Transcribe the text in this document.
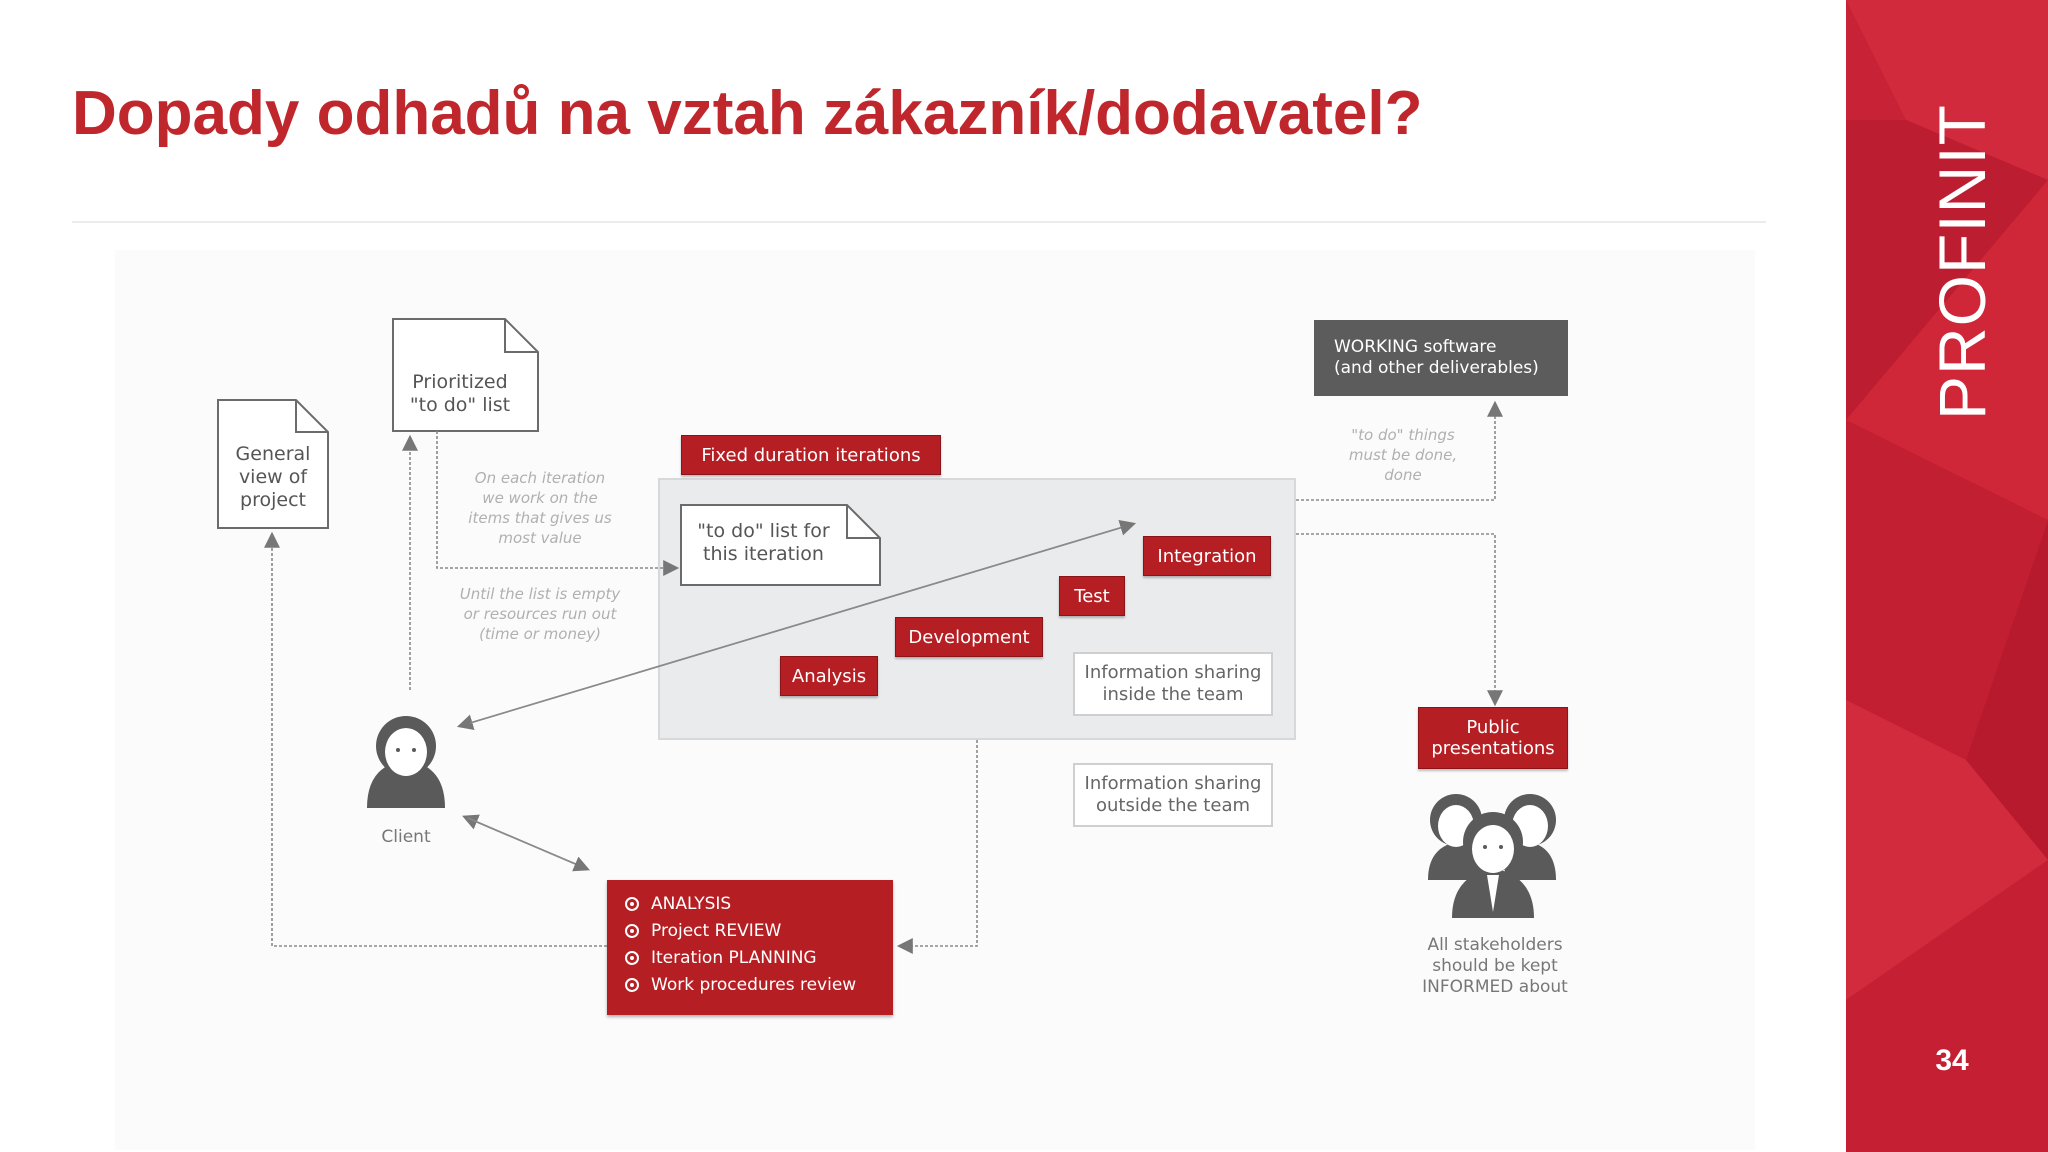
Dopady odhadů na vztah zákazník/dodavatel?
General
view of
project
Prioritized
"to do" list
"to do" list for
this iteration
On each iteration
we work on the
items that gives us
most value
Until the list is empty
or resources run out
(time or money)
"to do" things
must be done,
done
Fixed duration iterations
Analysis
Development
Test
Integration
Public
presentations
Information sharing
inside the team
Information sharing
outside the team
WORKING software
(and other deliverables)
Client
All stakeholders
should be kept
INFORMED about
ANALYSIS
Project REVIEW
Iteration PLANNING
Work procedures review
PROFINIT
34
